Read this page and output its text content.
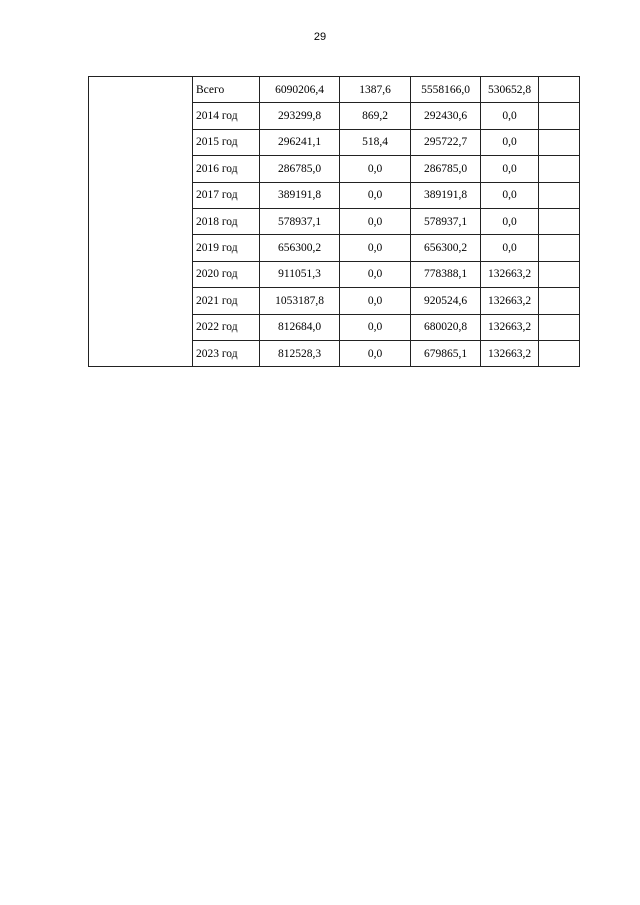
29
	Всего	6090206,4	1387,6	5558166,0	530652,8	
	2014 год	293299,8	869,2	292430,6	0,0	
	2015 год	296241,1	518,4	295722,7	0,0	
	2016 год	286785,0	0,0	286785,0	0,0	
	2017 год	389191,8	0,0	389191,8	0,0	
	2018 год	578937,1	0,0	578937,1	0,0	
	2019 год	656300,2	0,0	656300,2	0,0	
	2020 год	911051,3	0,0	778388,1	132663,2	
	2021 год	1053187,8	0,0	920524,6	132663,2	
	2022 год	812684,0	0,0	680020,8	132663,2	
	2023 год	812528,3	0,0	679865,1	132663,2	
